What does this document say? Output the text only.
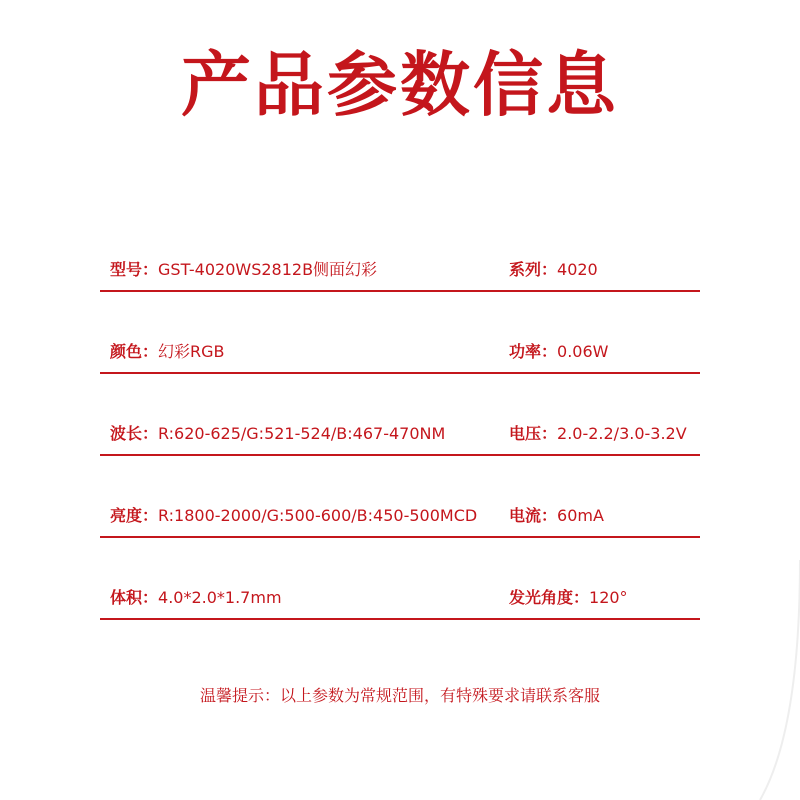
产品参数信息
型号：GST-4020WS2812B侧面幻彩	系列：4020
颜色：幻彩RGB	功率：0.06W
波长：R:620-625/G:521-524/B:467-470NM	电压：2.0-2.2/3.0-3.2V
亮度：R:1800-2000/G:500-600/B:450-500MCD 电流：60mA
体积：4.0*2.0*1.7mm	发光角度：120°
温馨提示：以上参数为常规范围，有特殊要求请联系客服
